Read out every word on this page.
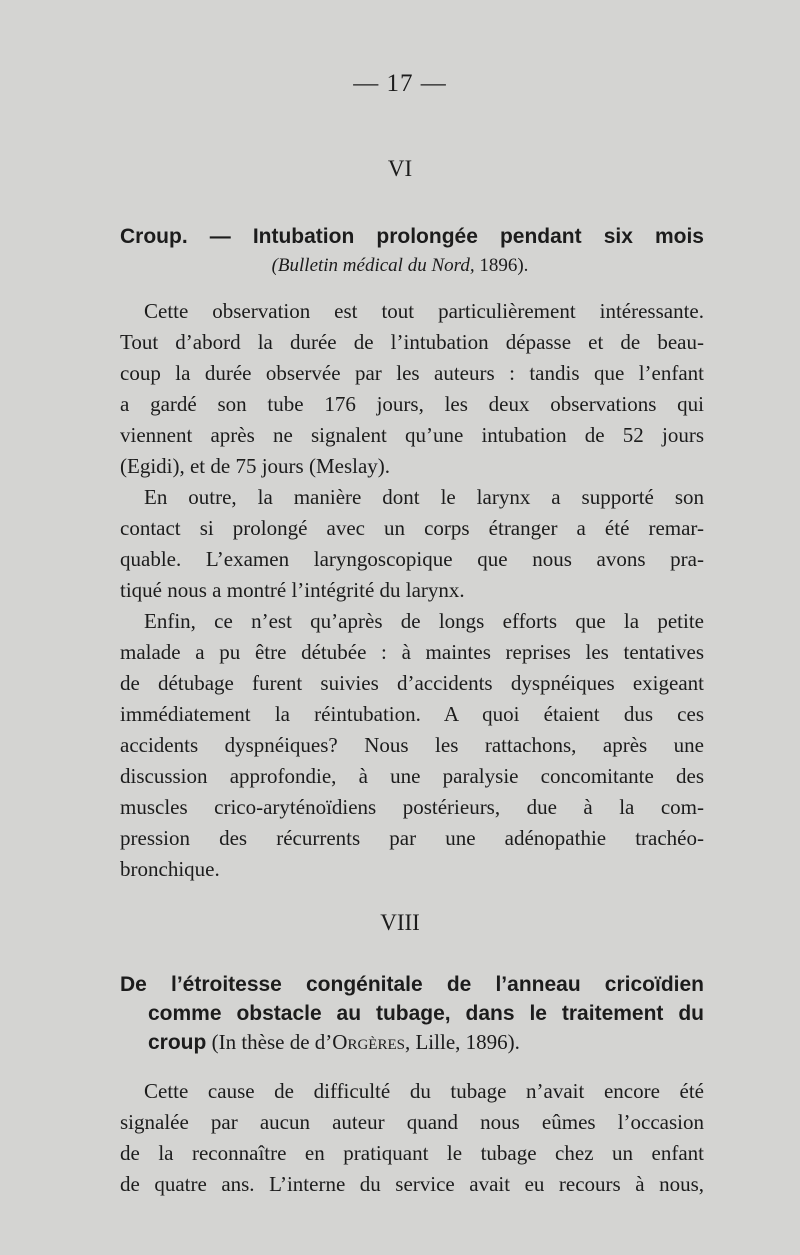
— 17 —
VI
Croup. — Intubation prolongée pendant six mois
(Bulletin médical du Nord, 1896).
Cette observation est tout particulièrement intéressante.
Tout d’abord la durée de l’intubation dépasse et de beau-
coup la durée observée par les auteurs : tandis que l’enfant
a gardé son tube 176 jours, les deux observations qui
viennent après ne signalent qu’une intubation de 52 jours
(Egidi), et de 75 jours (Meslay).
En outre, la manière dont le larynx a supporté son
contact si prolongé avec un corps étranger a été remar-
quable. L’examen laryngoscopique que nous avons pra-
tiqué nous a montré l’intégrité du larynx.
Enfin, ce n’est qu’après de longs efforts que la petite
malade a pu être détubée : à maintes reprises les tentatives
de détubage furent suivies d’accidents dyspnéiques exigeant
immédiatement la réintubation. A quoi étaient dus ces
accidents dyspnéiques? Nous les rattachons, après une
discussion approfondie, à une paralysie concomitante des
muscles crico-aryténoïdiens postérieurs, due à la com-
pression des récurrents par une adénopathie trachéo-
bronchique.
VIII
De l’étroitesse congénitale de l’anneau cricoïdien
comme obstacle au tubage, dans le traitement du
croup (In thèse de d’Orgères, Lille, 1896).
Cette cause de difficulté du tubage n’avait encore été
signalée par aucun auteur quand nous eûmes l’occasion
de la reconnaître en pratiquant le tubage chez un enfant
de quatre ans. L’interne du service avait eu recours à nous,
